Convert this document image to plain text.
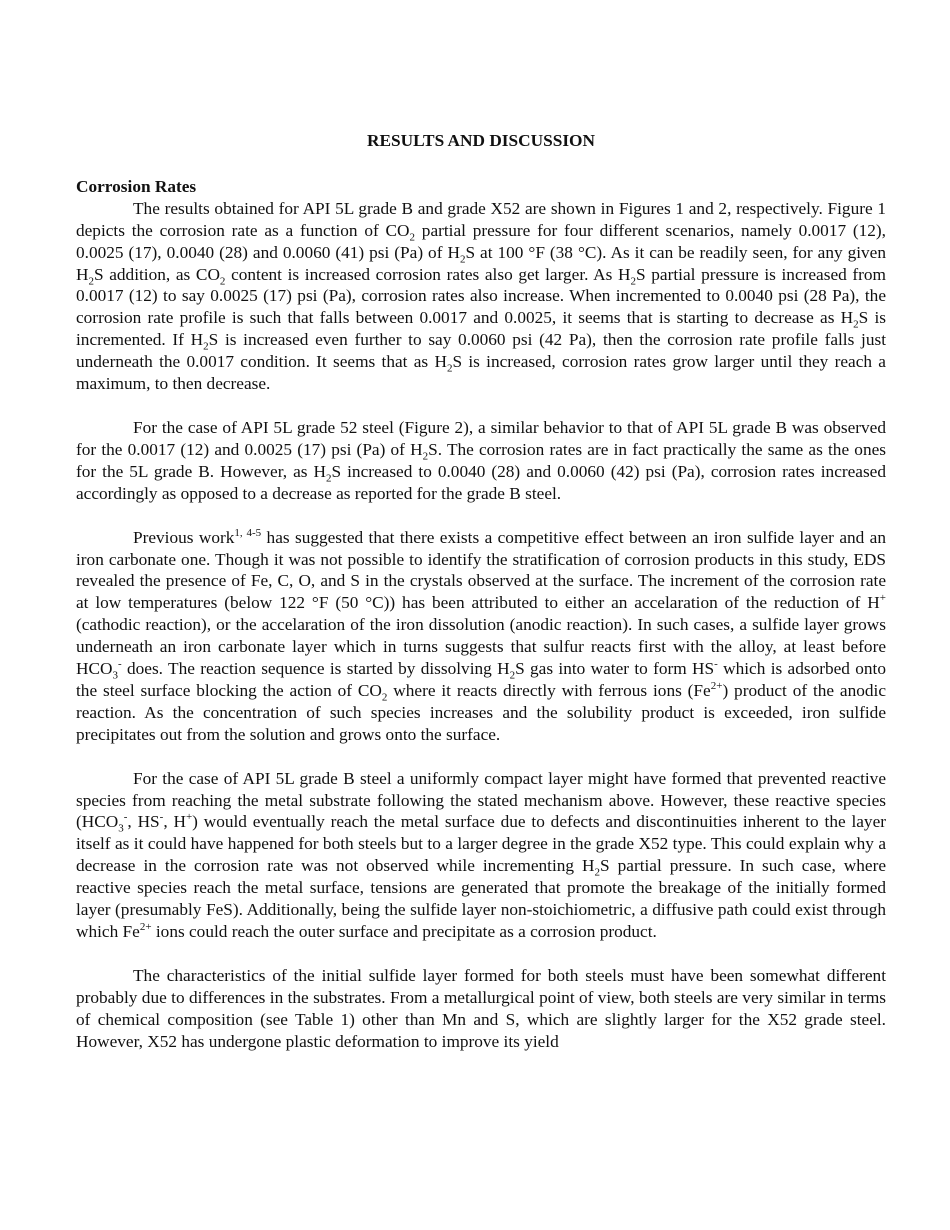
RESULTS AND DISCUSSION
Corrosion Rates

The results obtained for API 5L grade B and grade X52 are shown in Figures 1 and 2, respectively. Figure 1 depicts the corrosion rate as a function of $CO_2$ partial pressure for four different scenarios, namely 0.0017 (12), 0.0025 (17), 0.0040 (28) and 0.0060 (41) psi (Pa) of $H_2S$ at 100 °F (38 °C). As it can be readily seen, for any given $H_2S$ addition, as $CO_2$ content is increased corrosion rates also get larger. As $H_2S$ partial pressure is increased from 0.0017 (12) to say 0.0025 (17) psi (Pa), corrosion rates also increase. When incremented to 0.0040 psi (28 Pa), the corrosion rate profile is such that falls between 0.0017 and 0.0025, it seems that is starting to decrease as $H_2S$ is incremented. If $H_2S$ is increased even further to say 0.0060 psi (42 Pa), then the corrosion rate profile falls just underneath the 0.0017 condition. It seems that as $H_2S$ is increased, corrosion rates grow larger until they reach a maximum, to then decrease.

For the case of API 5L grade 52 steel (Figure 2), a similar behavior to that of API 5L grade B was observed for the 0.0017 (12) and 0.0025 (17) psi (Pa) of $H_2S$. The corrosion rates are in fact practically the same as the ones for the 5L grade B. However, as $H_2S$ increased to 0.0040 (28) and 0.0060 (42) psi (Pa), corrosion rates increased accordingly as opposed to a decrease as reported for the grade B steel.

Previous work$^{1, 4-5}$ has suggested that there exists a competitive effect between an iron sulfide layer and an iron carbonate one. Though it was not possible to identify the stratification of corrosion products in this study, EDS revealed the presence of Fe, C, O, and S in the crystals observed at the surface. The increment of the corrosion rate at low temperatures (below 122 °F (50 °C)) has been attributed to either an accelaration of the reduction of H+ (cathodic reaction), or the accelaration of the iron dissolution (anodic reaction). In such cases, a sulfide layer grows underneath an iron carbonate layer which in turns suggests that sulfur reacts first with the alloy, at least before $HCO_3^-$ does. The reaction sequence is started by dissolving $H_2S$ gas into water to form HS- which is adsorbed onto the steel surface blocking the action of $CO_2$ where it reacts directly with ferrous ions $(Fe^{2+})$ product of the anodic reaction. As the concentration of such species increases and the solubility product is exceeded, iron sulfide precipitates out from the solution and grows onto the surface.

For the case of API 5L grade B steel a uniformly compact layer might have formed that prevented reactive species from reaching the metal substrate following the stated mechanism above. However, these reactive species ($HCO_3^-$, HS-, H+) would eventually reach the metal surface due to defects and discontinuities inherent to the layer itself as it could have happened for both steels but to a larger degree in the grade X52 type. This could explain why a decrease in the corrosion rate was not observed while incrementing $H_2S$ partial pressure. In such case, where reactive species reach the metal surface, tensions are generated that promote the breakage of the initially formed layer (presumably FeS). Additionally, being the sulfide layer non-stoichiometric, a diffusive path could exist through which $Fe^{2+}$ ions could reach the outer surface and precipitate as a corrosion product.

The characteristics of the initial sulfide layer formed for both steels must have been somewhat different probably due to differences in the substrates. From a metallurgical point of view, both steels are very similar in terms of chemical composition (see Table 1) other than Mn and S, which are slightly larger for the X52 grade steel. However, X52 has undergone plastic deformation to improve its yield
